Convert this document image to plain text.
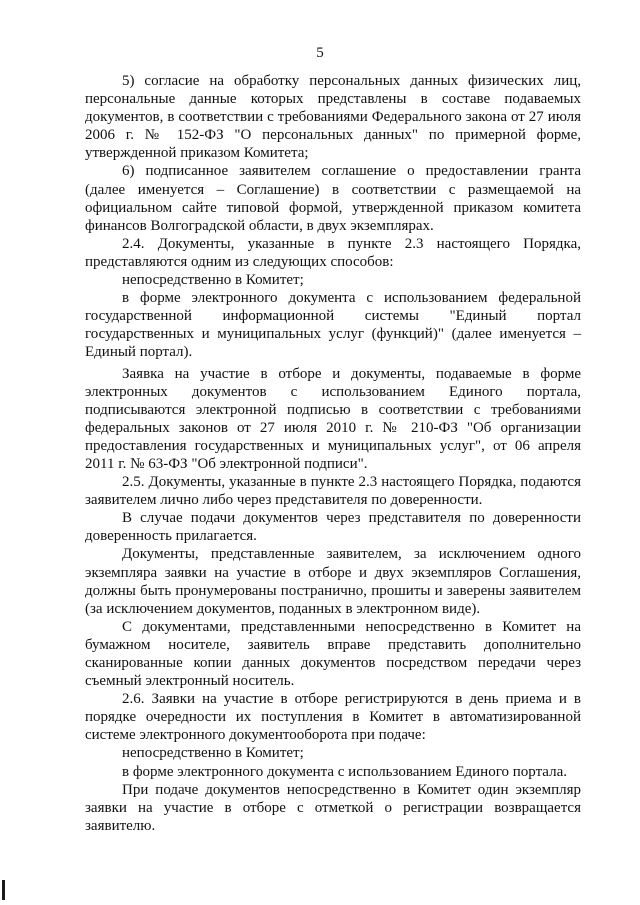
5

5) согласие на обработку персональных данных физических лиц, персональные данные которых представлены в составе подаваемых документов, в соответствии с требованиями Федерального закона от 27 июля 2006 г. № 152-ФЗ "О персональных данных" по примерной форме, утвержденной приказом Комитета;

6) подписанное заявителем соглашение о предоставлении гранта (далее именуется – Соглашение) в соответствии с размещаемой на официальном сайте типовой формой, утвержденной приказом комитета финансов Волгоградской области, в двух экземплярах.

2.4. Документы, указанные в пункте 2.3 настоящего Порядка, представляются одним из следующих способов:

непосредственно в Комитет;

в форме электронного документа с использованием федеральной государственной информационной системы "Единый портал государственных и муниципальных услуг (функций)" (далее именуется – Единый портал).

Заявка на участие в отборе и документы, подаваемые в форме электронных документов с использованием Единого портала, подписываются электронной подписью в соответствии с требованиями федеральных законов от 27 июля 2010 г. № 210-ФЗ "Об организации предоставления государственных и муниципальных услуг", от 06 апреля 2011 г. № 63-ФЗ "Об электронной подписи".

2.5. Документы, указанные в пункте 2.3 настоящего Порядка, подаются заявителем лично либо через представителя по доверенности.

В случае подачи документов через представителя по доверенности доверенность прилагается.

Документы, представленные заявителем, за исключением одного экземпляра заявки на участие в отборе и двух экземпляров Соглашения, должны быть пронумерованы постранично, прошиты и заверены заявителем (за исключением документов, поданных в электронном виде).

С документами, представленными непосредственно в Комитет на бумажном носителе, заявитель вправе представить дополнительно сканированные копии данных документов посредством передачи через съемный электронный носитель.

2.6. Заявки на участие в отборе регистрируются в день приема и в порядке очередности их поступления в Комитет в автоматизированной системе электронного документооборота при подаче:

непосредственно в Комитет;

в форме электронного документа с использованием Единого портала.

При подаче документов непосредственно в Комитет один экземпляр заявки на участие в отборе с отметкой о регистрации возвращается заявителю.
